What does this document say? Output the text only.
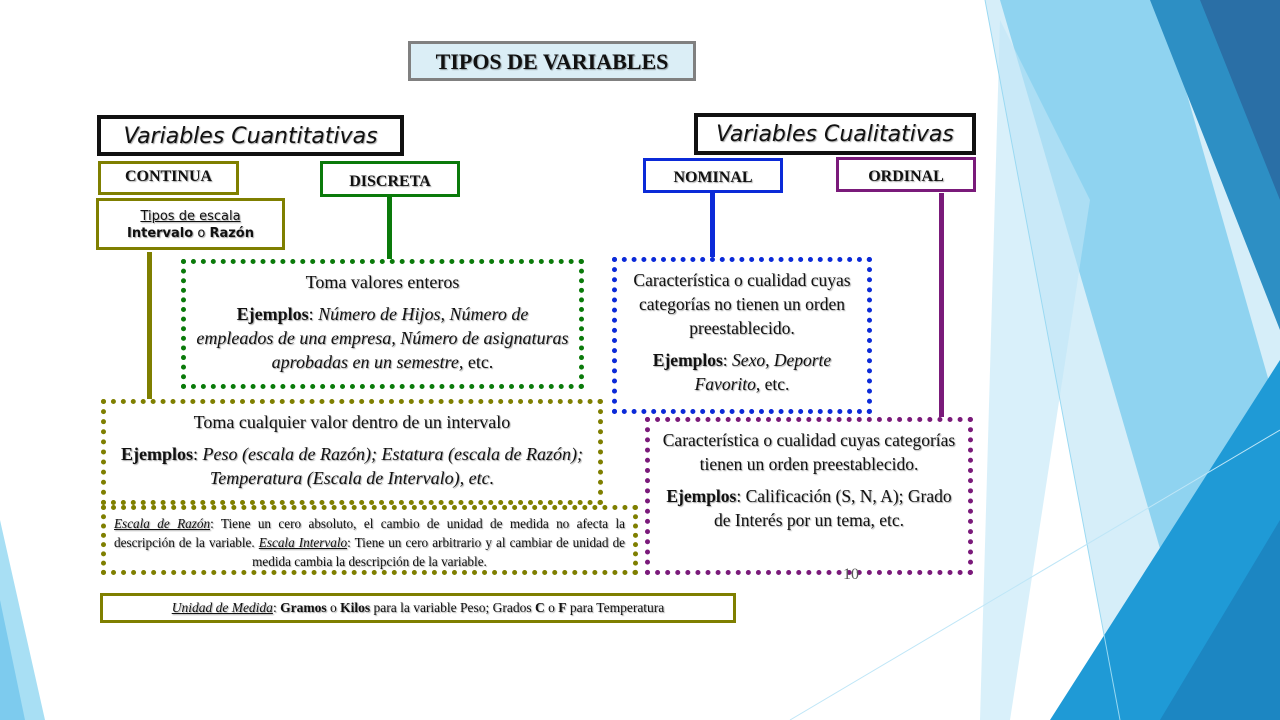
TIPOS DE VARIABLES
Variables Cuantitativas	Variables Cualitativas
CONTINUA	DISCRETA	NOMINAL	ORDINAL
Tipos de escala
Intervalo o Razón

Toma valores enteros

Ejemplos: Número de Hijos, Número de empleados de una empresa, Número de asignaturas aprobadas en un semestre, etc.

Característica o cualidad cuyas categorías no tienen un orden preestablecido.

Ejemplos: Sexo, Deporte Favorito, etc.

Toma cualquier valor dentro de un intervalo

Ejemplos: Peso (escala de Razón); Estatura (escala de Razón); Temperatura (Escala de Intervalo), etc.

Característica o cualidad cuyas categorías tienen un orden preestablecido.

Ejemplos: Calificación (S, N, A); Grado de Interés por un tema, etc.

Escala de Razón: Tiene un cero absoluto, el cambio de unidad de medida no afecta la descripción de la variable. Escala Intervalo: Tiene un cero arbitrario y al cambiar de unidad de medida cambia la descripción de la variable.
Unidad de Medida: Gramos o Kilos para la variable Peso; Grados C o F para Temperatura
10
